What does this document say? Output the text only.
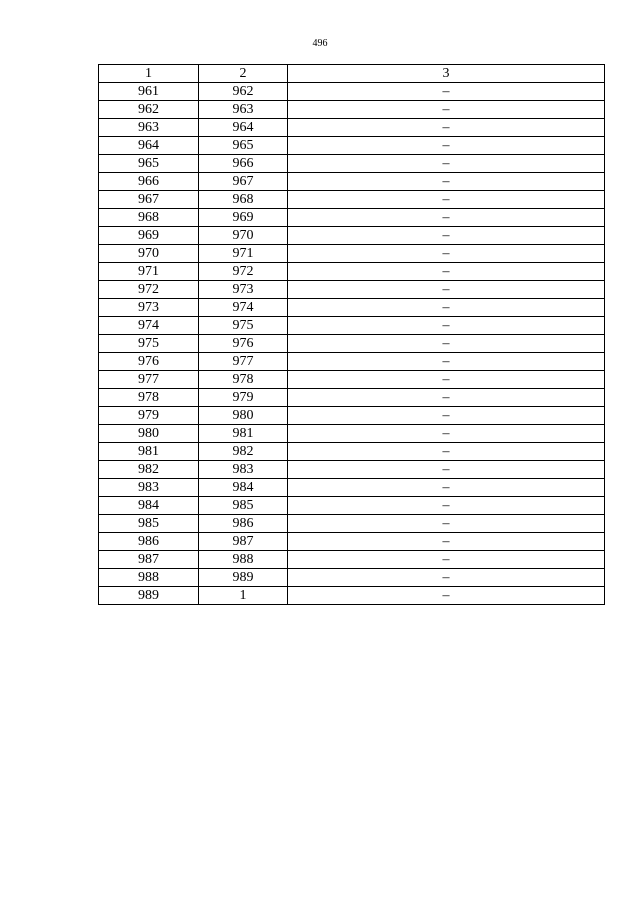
496
1	2	3
961	962	–
962	963	–
963	964	–
964	965	–
965	966	–
966	967	–
967	968	–
968	969	–
969	970	–
970	971	–
971	972	–
972	973	–
973	974	–
974	975	–
975	976	–
976	977	–
977	978	–
978	979	–
979	980	–
980	981	–
981	982	–
982	983	–
983	984	–
984	985	–
985	986	–
986	987	–
987	988	–
988	989	–
989	1	–
